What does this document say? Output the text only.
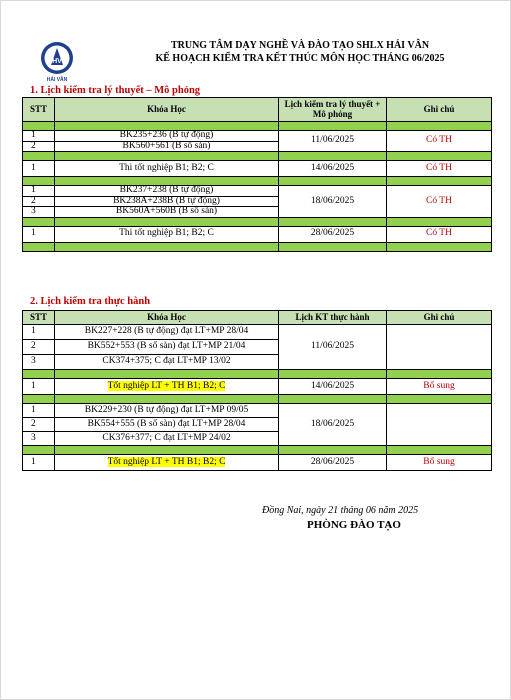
HV
HẢI VÂN
TRUNG TÂM DẠY NGHỀ VÀ ĐÀO TẠO SHLX HẢI VÂN
KẾ HOẠCH KIỂM TRA KẾT THÚC MÔN HỌC THÁNG 06/2025
1. Lịch kiểm tra lý thuyết – Mô phỏng
STT	Khóa Học	Lịch kiểm tra lý thuyết + Mô phỏng	Ghi chú

1	BK235+236 (B tự động)	11/06/2025	Có TH
2	BK560+561 (B số sàn)		

1	Thi tốt nghiệp B1; B2; C	14/06/2025	Có TH

1	BK237+238 (B tự động)	18/06/2025	Có TH
2	BK238A+238B (B tự động)		
3	BK560A+560B (B số sàn)		

1	Thi tốt nghiệp B1; B2; C	28/06/2025	Có TH

2. Lịch kiểm tra thực hành
STT	Khóa Học	Lịch KT thực hành	Ghi chú
1	BK227+228 (B tự động) đạt LT+MP 28/04	11/06/2025	
2	BK552+553 (B số sàn) đạt LT+MP 21/04		
3	CK374+375; C đạt LT+MP 13/02		

1	Tốt nghiệp LT + TH B1; B2; C	14/06/2025	Bổ sung

1	BK229+230 (B tự động) đạt LT+MP 09/05	18/06/2025	
2	BK554+555 (B số sàn) đạt LT+MP 28/04		
3	CK376+377; C đạt LT+MP 24/02		

1	Tốt nghiệp LT + TH B1; B2; C	28/06/2025	Bổ sung
Đồng Nai, ngày 21 tháng 06 năm 2025
PHÒNG ĐÀO TẠO
